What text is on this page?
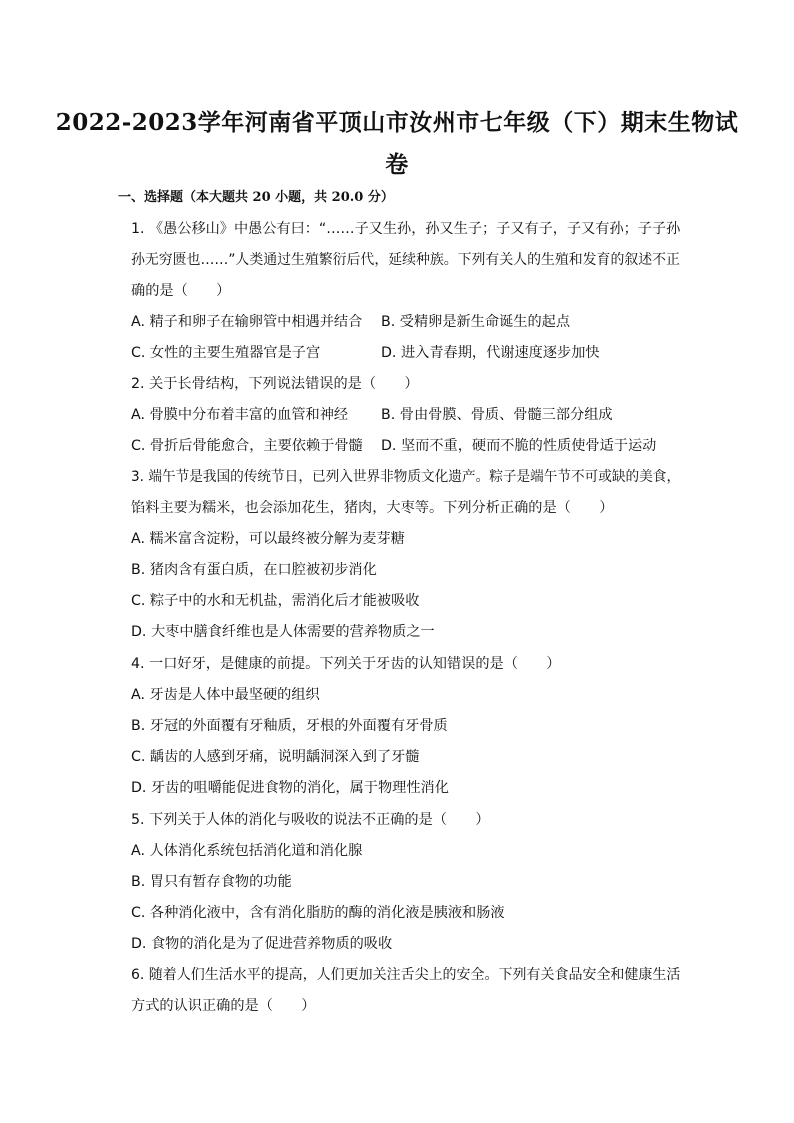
2022-2023学年河南省平顶山市汝州市七年级（下）期末生物试
卷
一、选择题（本大题共 20 小题，共 20.0 分）
1. 《愚公移山》中愚公有曰：“……子又生孙，孙又生子；子又有子，子又有孙；子子孙
孙无穷匮也……”人类通过生殖繁衍后代，延续种族。下列有关人的生殖和发育的叙述不正
确的是（　　）
A. 精子和卵子在输卵管中相遇并结合 B. 受精卵是新生命诞生的起点
C. 女性的主要生殖器官是子宫	D. 进入青春期，代谢速度逐步加快
2. 关于长骨结构，下列说法错误的是（　　）
A. 骨膜中分布着丰富的血管和神经 B. 骨由骨膜、骨质、骨髓三部分组成
C. 骨折后骨能愈合，主要依赖于骨髓 D. 坚而不重，硬而不脆的性质使骨适于运动
3. 端午节是我国的传统节日，已列入世界非物质文化遗产。粽子是端午节不可或缺的美食，
馅料主要为糯米，也会添加花生，猪肉，大枣等。下列分析正确的是（　　）
A. 糯米富含淀粉，可以最终被分解为麦芽糖
B. 猪肉含有蛋白质，在口腔被初步消化
C. 粽子中的水和无机盐，需消化后才能被吸收
D. 大枣中膳食纤维也是人体需要的营养物质之一
4. 一口好牙，是健康的前提。下列关于牙齿的认知错误的是（　　）
A. 牙齿是人体中最坚硬的组织
B. 牙冠的外面覆有牙釉质，牙根的外面覆有牙骨质
C. 龋齿的人感到牙痛，说明龋洞深入到了牙髓
D. 牙齿的咀嚼能促进食物的消化，属于物理性消化
5. 下列关于人体的消化与吸收的说法不正确的是（　　）
A. 人体消化系统包括消化道和消化腺
B. 胃只有暂存食物的功能
C. 各种消化液中，含有消化脂肪的酶的消化液是胰液和肠液
D. 食物的消化是为了促进营养物质的吸收
6. 随着人们生活水平的提高，人们更加关注舌尖上的安全。下列有关食品安全和健康生活
方式的认识正确的是（　　）
